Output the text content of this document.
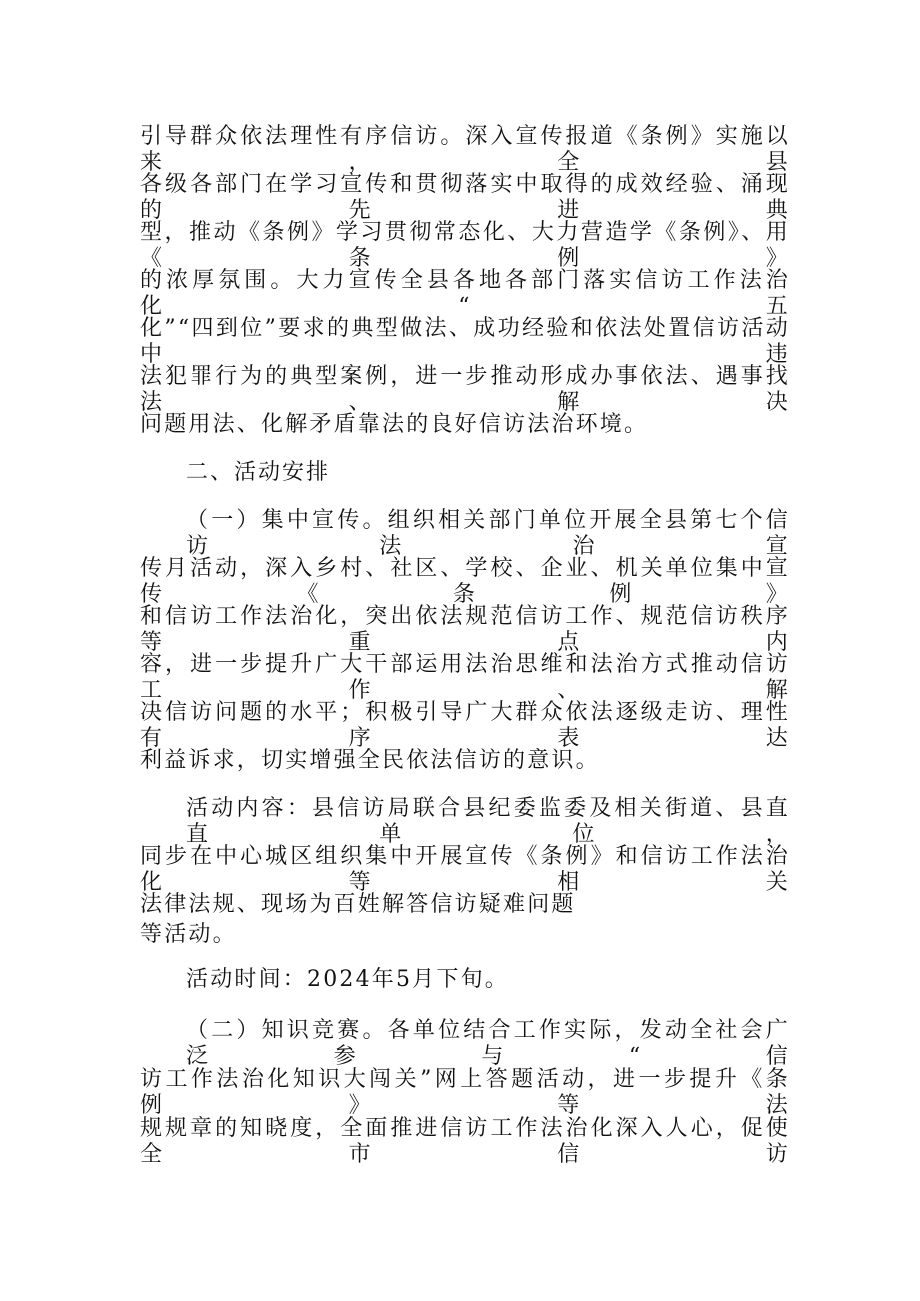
引导群众依法理性有序信访。深入宣传报道《条例》实施以来，全县
各级各部门在学习宣传和贯彻落实中取得的成效经验、涌现的先进典
型，推动《条例》学习贯彻常态化、大力营造学《条例》、用《条例》
的浓厚氛围。大力宣传全县各地各部门落实信访工作法治化“五
化”“四到位”要求的典型做法、成功经验和依法处置信访活动中违
法犯罪行为的典型案例，进一步推动形成办事依法、遇事找法、解决
问题用法、化解矛盾靠法的良好信访法治环境。
二、活动安排
（一）集中宣传。组织相关部门单位开展全县第七个信访法治宣
传月活动，深入乡村、社区、学校、企业、机关单位集中宣传《条例》
和信访工作法治化，突出依法规范信访工作、规范信访秩序等重点内
容，进一步提升广大干部运用法治思维和法治方式推动信访工作、解
决信访问题的水平；积极引导广大群众依法逐级走访、理性有序表达
利益诉求，切实增强全民依法信访的意识。
活动内容：县信访局联合县纪委监委及相关街道、县直直单位，
同步在中心城区组织集中开展宣传《条例》和信访工作法治化等相关
法律法规、现场为百姓解答信访疑难问题
等活动。
活动时间：2024年5月下旬。
（二）知识竞赛。各单位结合工作实际，发动全社会广泛参与“信
访工作法治化知识大闯关”网上答题活动，进一步提升《条例》等法
规规章的知晓度，全面推进信访工作法治化深入人心，促使全市信访
